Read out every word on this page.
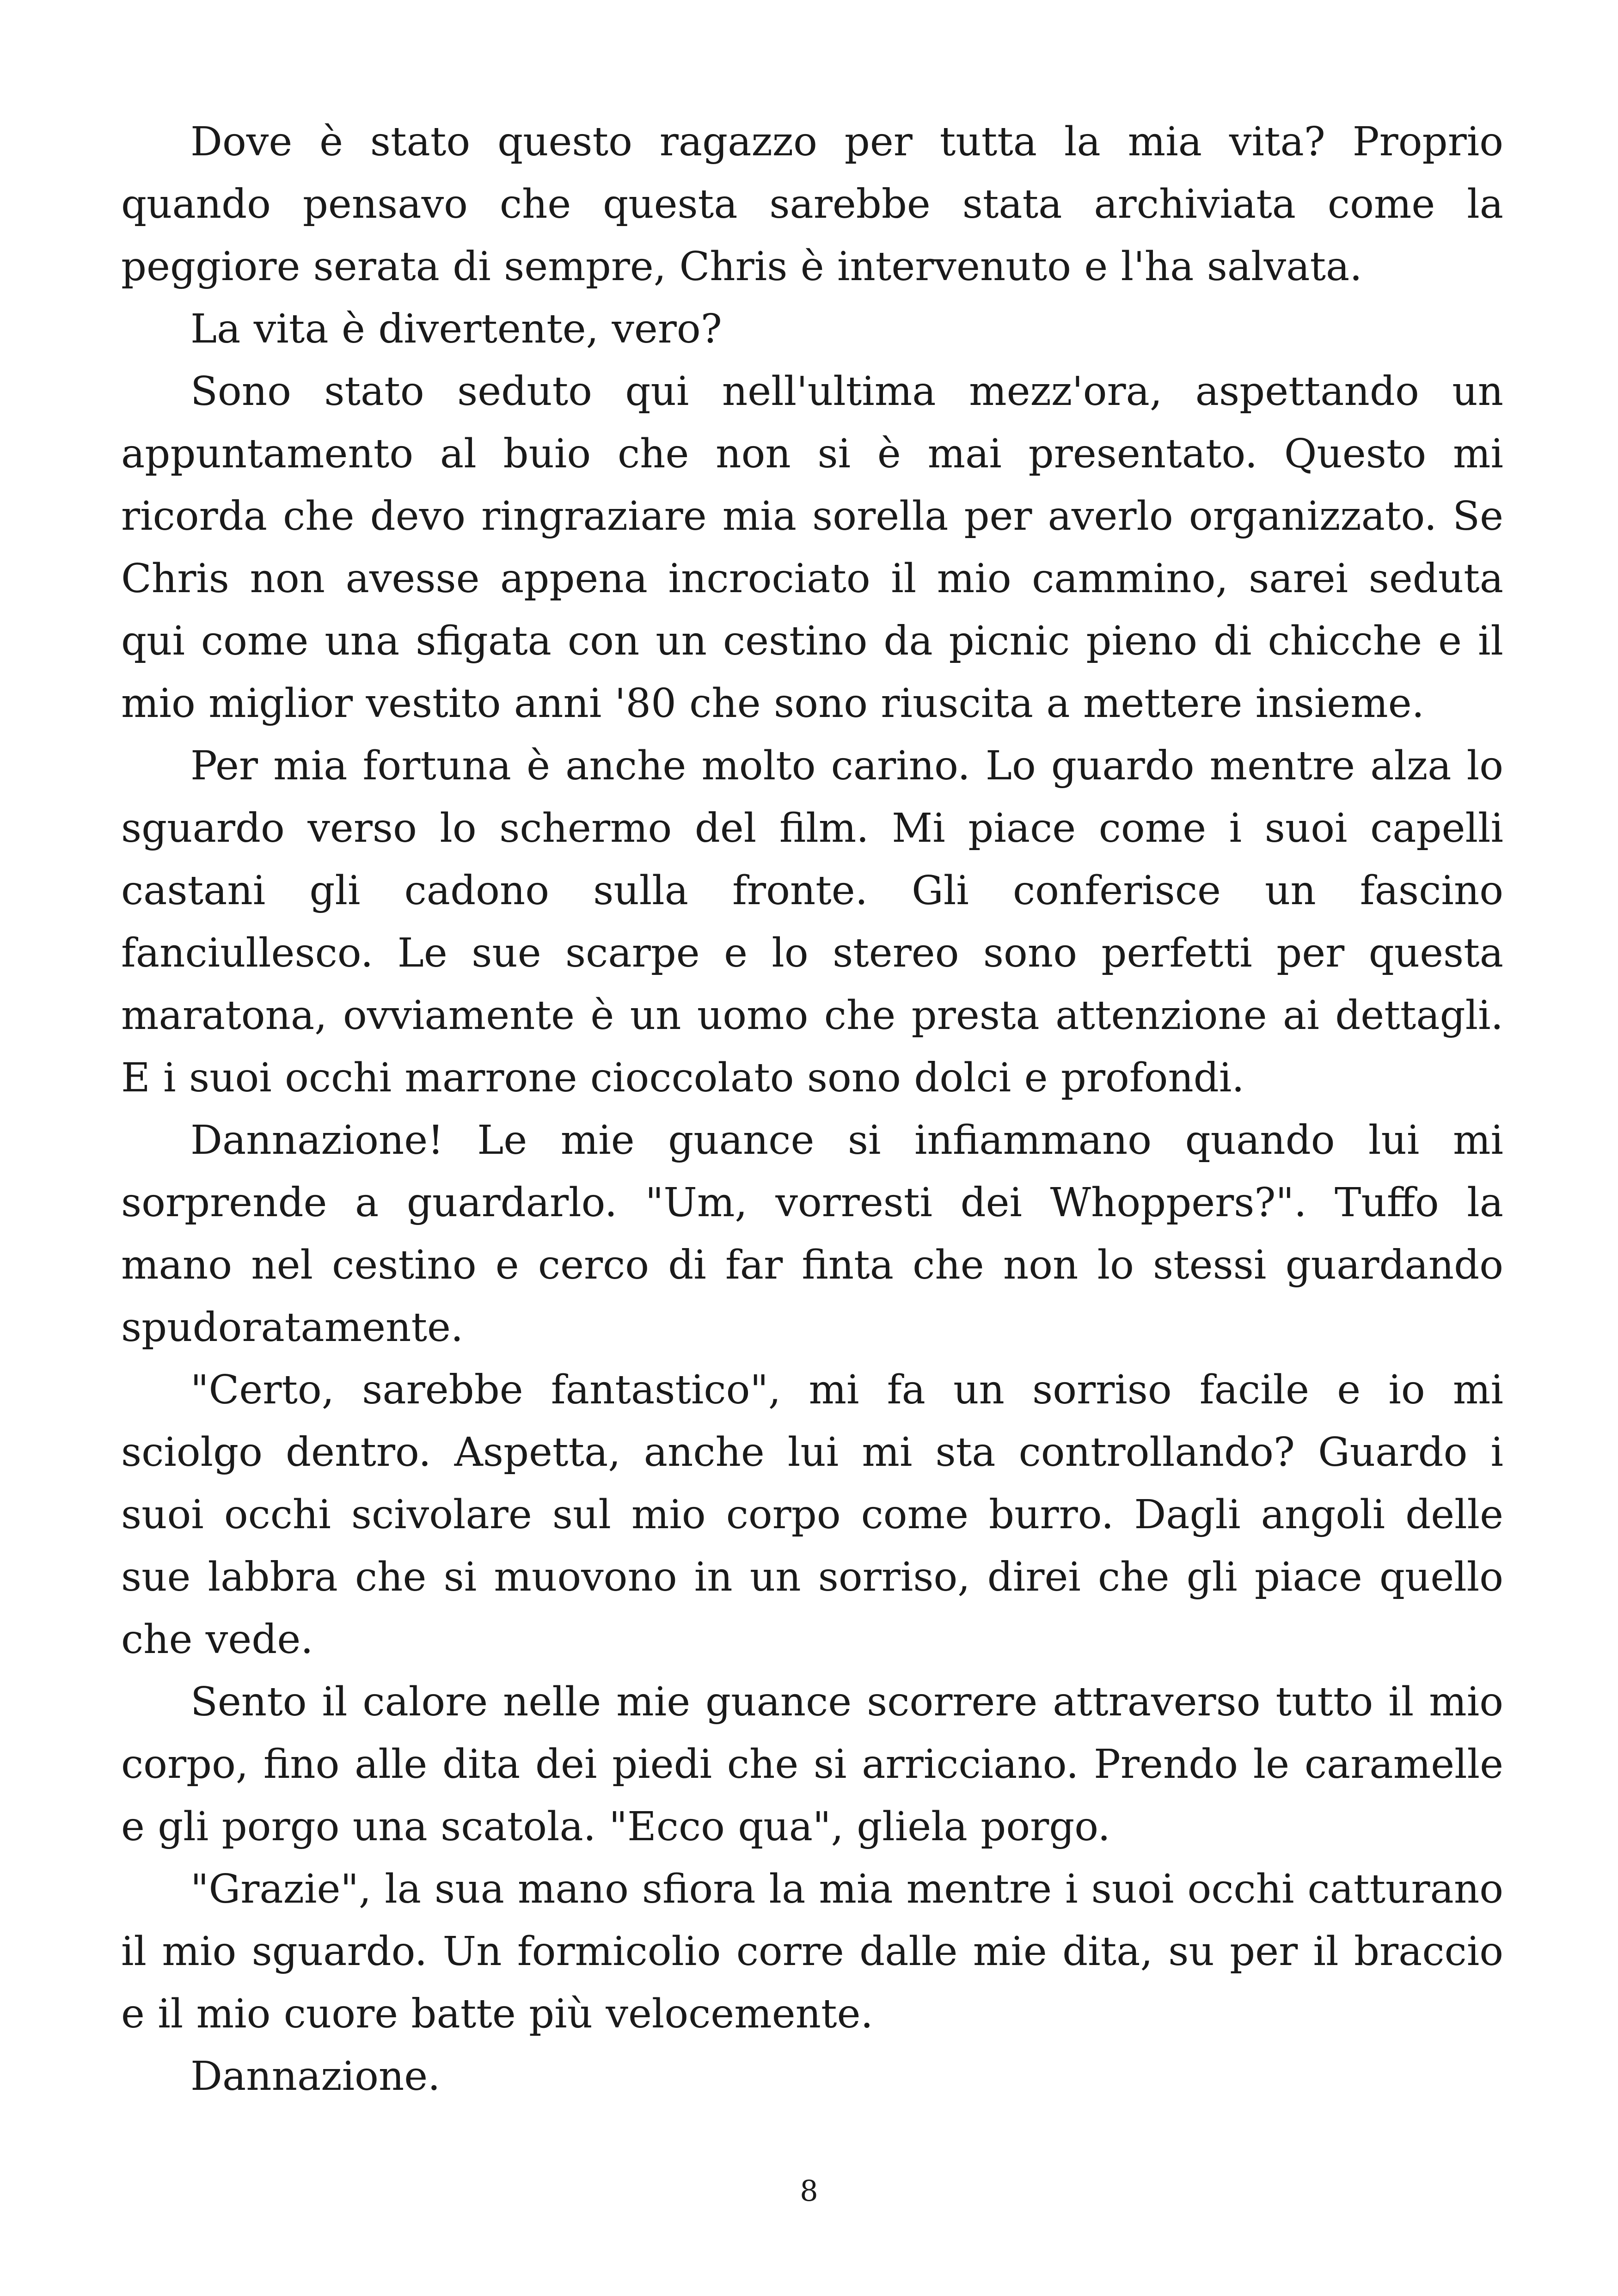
Dove è stato questo ragazzo per tutta la mia vita? Proprio quando pensavo che questa sarebbe stata archiviata come la peggiore serata di sempre, Chris è intervenuto e l'ha salvata.

La vita è divertente, vero?

Sono stato seduto qui nell'ultima mezz'ora, aspettando un appuntamento al buio che non si è mai presentato. Questo mi ricorda che devo ringraziare mia sorella per averlo organizzato. Se Chris non avesse appena incrociato il mio cammino, sarei seduta qui come una sfigata con un cestino da picnic pieno di chicche e il mio miglior vestito anni '80 che sono riuscita a mettere insieme.

Per mia fortuna è anche molto carino. Lo guardo mentre alza lo sguardo verso lo schermo del film. Mi piace come i suoi capelli castani gli cadono sulla fronte. Gli conferisce un fascino fanciullesco. Le sue scarpe e lo stereo sono perfetti per questa maratona, ovviamente è un uomo che presta attenzione ai dettagli. E i suoi occhi marrone cioccolato sono dolci e profondi.

Dannazione! Le mie guance si infiammano quando lui mi sorprende a guardarlo. "Um, vorresti dei Whoppers?". Tuffo la mano nel cestino e cerco di far finta che non lo stessi guardando spudoratamente.

"Certo, sarebbe fantastico", mi fa un sorriso facile e io mi sciolgo dentro. Aspetta, anche lui mi sta controllando? Guardo i suoi occhi scivolare sul mio corpo come burro. Dagli angoli delle sue labbra che si muovono in un sorriso, direi che gli piace quello che vede.

Sento il calore nelle mie guance scorrere attraverso tutto il mio corpo, fino alle dita dei piedi che si arricciano. Prendo le caramelle e gli porgo una scatola. "Ecco qua", gliela porgo.

"Grazie", la sua mano sfiora la mia mentre i suoi occhi catturano il mio sguardo. Un formicolio corre dalle mie dita, su per il braccio e il mio cuore batte più velocemente.

Dannazione.

8
